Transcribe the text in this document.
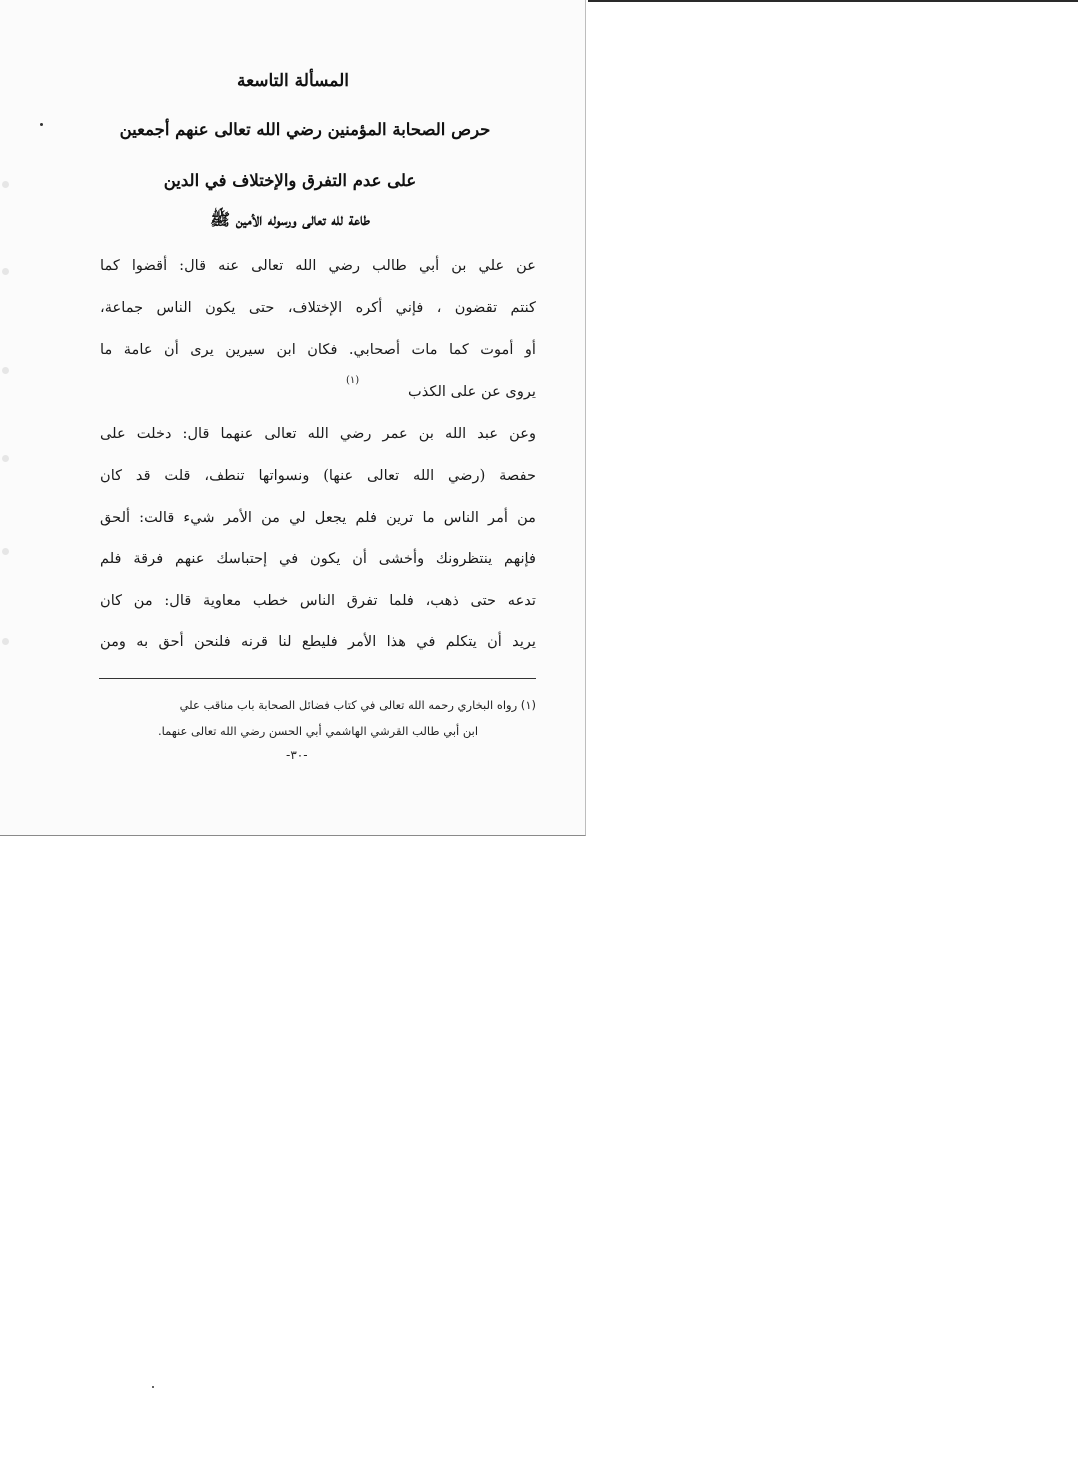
المسألة التاسعة
حرص الصحابة المؤمنين رضي الله تعالى عنهم أجمعين
على عدم التفرق والإختلاف في الدين
طاعة لله تعالى ورسوله الأمين ﷺ
عن علي بن أبي طالب رضي الله تعالى عنه قال: أقضوا كما
كنتم تقضون ، فإني أكره الإختلاف، حتى يكون الناس جماعة،
أو أموت كما مات أصحابي. فكان ابن سيرين يرى أن عامة ما
يروى عن على الكذب
(١)
وعن عبد الله بن عمر رضي الله تعالى عنهما قال: دخلت على
حفصة (رضي الله تعالى عنها) ونسواتها تنطف، قلت قد كان
من أمر الناس ما ترين فلم يجعل لي من الأمر شيء قالت: ألحق
فإنهم ينتظرونك وأخشى أن يكون في إحتباسك عنهم فرقة فلم
تدعه حتى ذهب، فلما تفرق الناس خطب معاوية قال: من كان
يريد أن يتكلم في هذا الأمر فليطع لنا قرنه فلنحن أحق به ومن
(١) رواه البخاري رحمه الله تعالى في كتاب فضائل الصحابة باب مناقب علي
ابن أبي طالب القرشي الهاشمي أبي الحسن رضي الله تعالى عنهما.
-٣٠-
